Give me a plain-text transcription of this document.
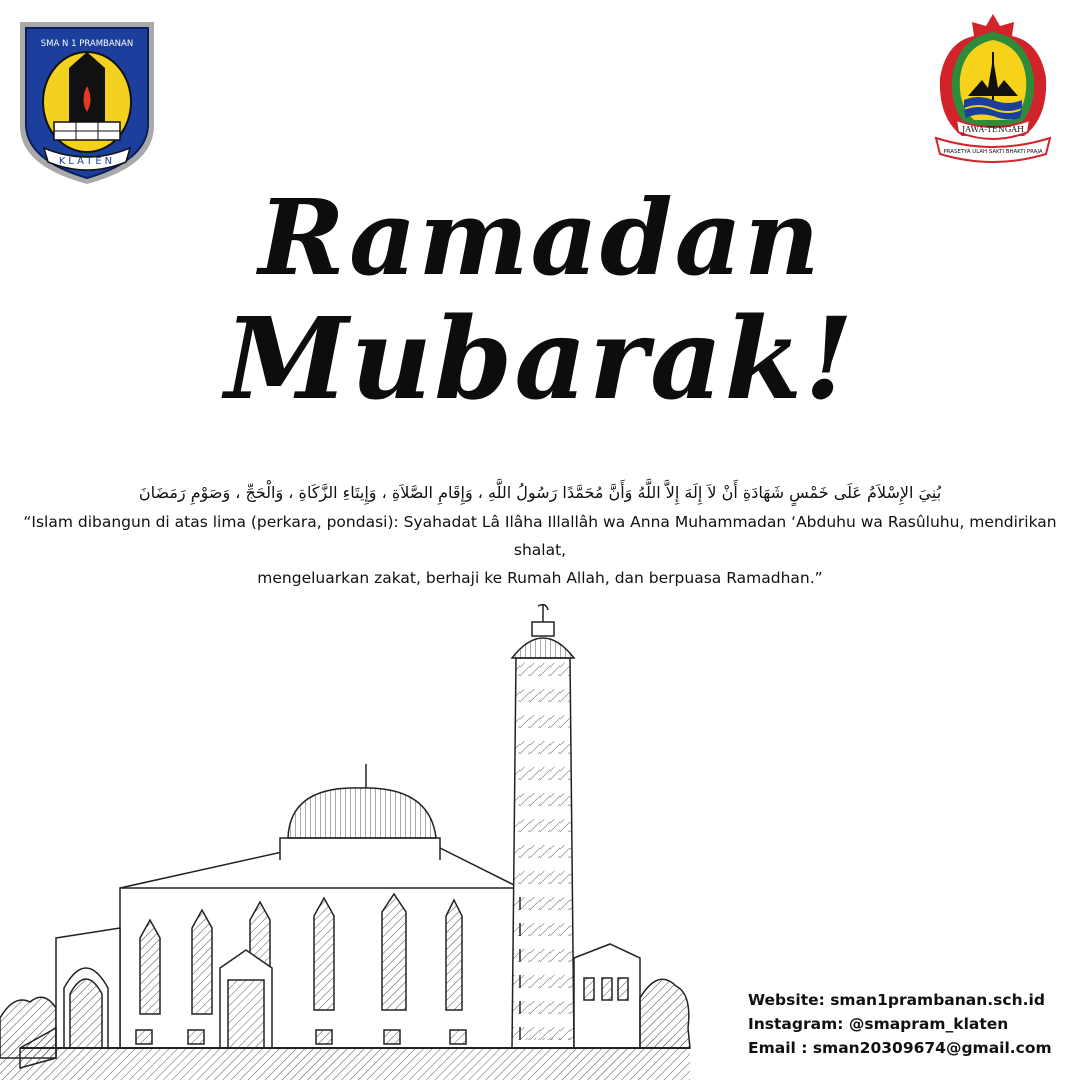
SMA N 1 PRAMBANAN
KLATEN
JAWA-TENGAH
PRASETYA ULAH SAKTI BHAKTI PRAJA
Ramadan
Mubarak!
بُنِيَ الإِسْلاَمُ عَلَى خَمْسٍ شَهَادَةِ أَنْ لاَ إِلَهَ إِلاَّ اللَّهُ وَأَنَّ مُحَمَّدًا رَسُولُ اللَّهِ ، وَإِقَامِ الصَّلاَةِ ، وَإِيتَاءِ الزَّكَاةِ ، وَالْحَجِّ ، وَصَوْمِ رَمَضَانَ
“Islam dibangun di atas lima (perkara, pondasi): Syahadat Lâ Ilâha Illallâh wa Anna Muhammadan ‘Abduhu wa Rasûluhu, mendirikan shalat,
mengeluarkan zakat, berhaji ke Rumah Allah, dan berpuasa Ramadhan.”
Website: sman1prambanan.sch.id
Instagram: @smapram_klaten
Email : sman20309674@gmail.com
